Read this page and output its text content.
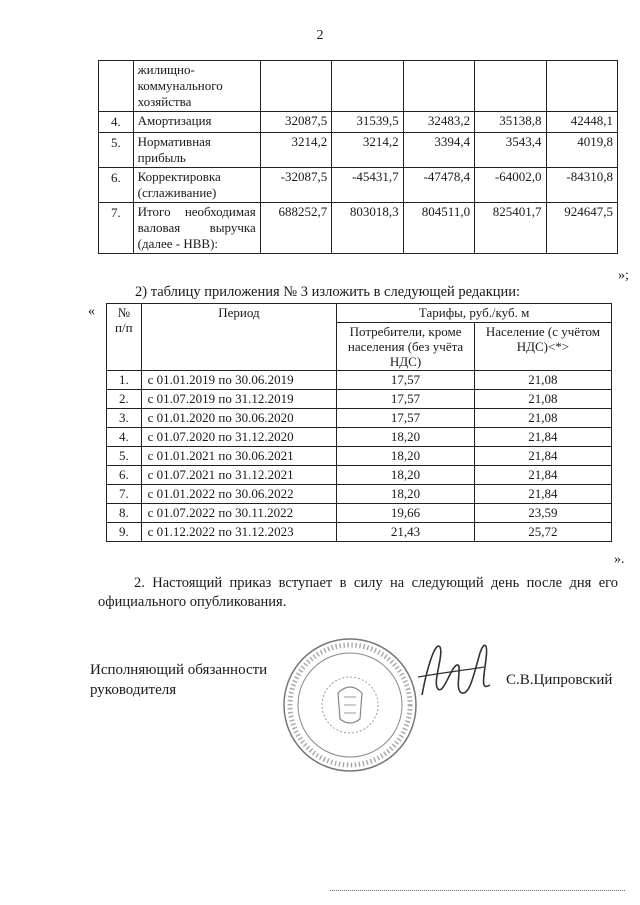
2
	жилищно-коммунального хозяйства					
4.	Амортизация	32087,5	31539,5	32483,2	35138,8	42448,1
5.	Нормативная прибыль	3214,2	3214,2	3394,4	3543,4	4019,8
6.	Корректировка (сглаживание)	-32087,5	-45431,7	-47478,4	-64002,0	-84310,8
7.	Итого необходимая валовая выручка (далее - НВВ):	688252,7	803018,3	804511,0	825401,7	924647,5
»;
2) таблицу приложения № 3 изложить в следующей редакции:
« № п/п	Период	Тарифы, руб./куб. м	
		Потребители, кроме населения (без учёта НДС)	Население (с учётом НДС)<*>
1.	с 01.01.2019 по 30.06.2019	17,57	21,08
2.	с 01.07.2019 по 31.12.2019	17,57	21,08
3.	с 01.01.2020 по 30.06.2020	17,57	21,08
4.	с 01.07.2020 по 31.12.2020	18,20	21,84
5.	с 01.01.2021 по 30.06.2021	18,20	21,84
6.	с 01.07.2021 по 31.12.2021	18,20	21,84
7.	с 01.01.2022 по 30.06.2022	18,20	21,84
8.	с 01.07.2022 по 30.11.2022	19,66	23,59
9.	с 01.12.2022 по 31.12.2023	21,43	25,72
».
2. Настоящий приказ вступает в силу на следующий день после дня его официального опубликования.
Исполняющий обязанности
руководителя
С.В.Ципровский
